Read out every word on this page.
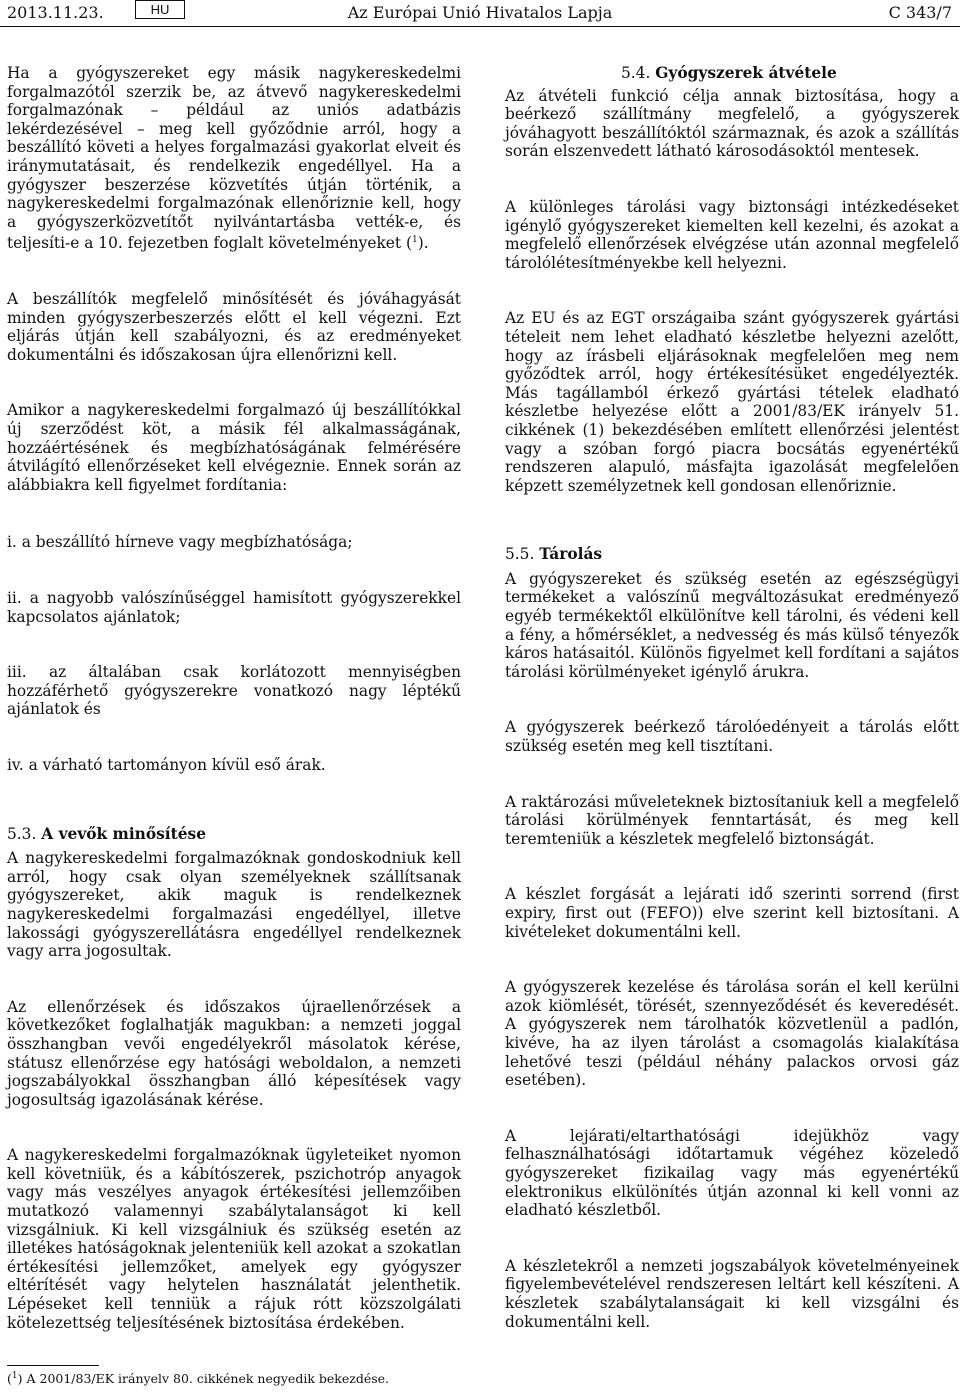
2013.11.23.	HU	Az Európai Unió Hivatalos Lapja	C 343/7

Ha a gyógyszereket egy másik nagykereskedelmi forgalmazótól szerzik be, az átvevő nagykereskedelmi forgalmazónak – például az uniós adatbázis lekérdezésével – meg kell győződnie arról, hogy a beszállító követi a helyes forgalmazási gyakorlat elveit és iránymutatásait, és rendelkezik engedéllyel. Ha a gyógyszer beszerzése közvetítés útján történik, a nagykereskedelmi forgalmazónak ellenőriznie kell, hogy a gyógyszerközvetítőt nyilvántartásba vették-e, és teljesíti-e a 10. fejezetben foglalt követelményeket ($^1$).

A beszállítók megfelelő minősítését és jóváhagyását minden gyógyszerbeszerzés előtt el kell végezni. Ezt eljárás útján kell szabályozni, és az eredményeket dokumentálni és időszakosan újra ellenőrizni kell.

Amikor a nagykereskedelmi forgalmazó új beszállítókkal új szerződést köt, a másik fél alkalmasságának, hozzáértésének és megbízhatóságának felmérésére átvilágító ellenőrzéseket kell elvégeznie. Ennek során az alábbiakra kell figyelmet fordítania:

i. a beszállító hírneve vagy megbízhatósága;

ii. a nagyobb valószínűséggel hamisított gyógyszerekkel kapcsolatos ajánlatok;

iii. az általában csak korlátozott mennyiségben hozzáférhető gyógyszerekre vonatkozó nagy léptékű ajánlatok és

iv. a várható tartományon kívül eső árak.

5.3. A vevők minősítése

A nagykereskedelmi forgalmazóknak gondoskodniuk kell arról, hogy csak olyan személyeknek szállítsanak gyógyszereket, akik maguk is rendelkeznek nagykereskedelmi forgalmazási engedéllyel, illetve lakossági gyógyszerellátásra engedéllyel rendelkeznek vagy arra jogosultak.

Az ellenőrzések és időszakos újraellenőrzések a következőket foglalhatják magukban: a nemzeti joggal összhangban vevői engedélyekről másolatok kérése, státusz ellenőrzése egy hatósági weboldalon, a nemzeti jogszabályokkal összhangban álló képesítések vagy jogosultság igazolásának kérése.

A nagykereskedelmi forgalmazóknak ügyleteiket nyomon kell követniük, és a kábítószerek, pszichotróp anyagok vagy más veszélyes anyagok értékesítési jellemzőiben mutatkozó valamennyi szabálytalanságot ki kell vizsgálniuk. Ki kell vizsgálniuk és szükség esetén az illetékes hatóságoknak jelenteniük kell azokat a szokatlan értékesítési jellemzőket, amelyek egy gyógyszer eltérítését vagy helytelen használatát jelenthetik. Lépéseket kell tenniük a rájuk rótt közszolgálati kötelezettség teljesítésének biztosítása érdekében.

5.4. Gyógyszerek átvétele

Az átvételi funkció célja annak biztosítása, hogy a beérkező szállítmány megfelelő, a gyógyszerek jóváhagyott beszállítóktól származnak, és azok a szállítás során elszenvedett látható károsodásoktól mentesek.

A különleges tárolási vagy biztonsági intézkedéseket igénylő gyógyszereket kiemelten kell kezelni, és azokat a megfelelő ellenőrzések elvégzése után azonnal megfelelő tárolólétesítményekbe kell helyezni.

Az EU és az EGT országaiba szánt gyógyszerek gyártási tételeit nem lehet eladható készletbe helyezni azelőtt, hogy az írásbeli eljárásoknak megfelelően meg nem győződtek arról, hogy értékesítésüket engedélyezték. Más tagállamból érkező gyártási tételek eladható készletbe helyezése előtt a 2001/83/EK irányelv 51. cikkének (1) bekezdésében említett ellenőrzési jelentést vagy a szóban forgó piacra bocsátás egyenértékű rendszeren alapuló, másfajta igazolását megfelelően képzett személyzetnek kell gondosan ellenőriznie.

5.5. Tárolás

A gyógyszereket és szükség esetén az egészségügyi termékeket a valószínű megváltozásukat eredményező egyéb termékektől elkülönítve kell tárolni, és védeni kell a fény, a hőmérséklet, a nedvesség és más külső tényezők káros hatásaitól. Különös figyelmet kell fordítani a sajátos tárolási körülményeket igénylő árukra.

A gyógyszerek beérkező tárolóedényeit a tárolás előtt szükség esetén meg kell tisztítani.

A raktározási műveleteknek biztosítaniuk kell a megfelelő tárolási körülmények fenntartását, és meg kell teremteniük a készletek megfelelő biztonságát.

A készlet forgását a lejárati idő szerinti sorrend (first expiry, first out (FEFO)) elve szerint kell biztosítani. A kivételeket dokumentálni kell.

A gyógyszerek kezelése és tárolása során el kell kerülni azok kiömlését, törését, szennyeződését és keveredését. A gyógyszerek nem tárolhatók közvetlenül a padlón, kivéve, ha az ilyen tárolást a csomagolás kialakítása lehetővé teszi (például néhány palackos orvosi gáz esetében).

A lejárati/eltarthatósági idejükhöz vagy felhasználhatósági időtartamuk végéhez közeledő gyógyszereket fizikailag vagy más egyenértékű elektronikus elkülönítés útján azonnal ki kell vonni az eladható készletből.

A készletekről a nemzeti jogszabályok követelményeinek figyelembevételével rendszeresen leltárt kell készíteni. A készletek szabálytalanságait ki kell vizsgálni és dokumentálni kell.

($^1$) A 2001/83/EK irányelv 80. cikkének negyedik bekezdése.
